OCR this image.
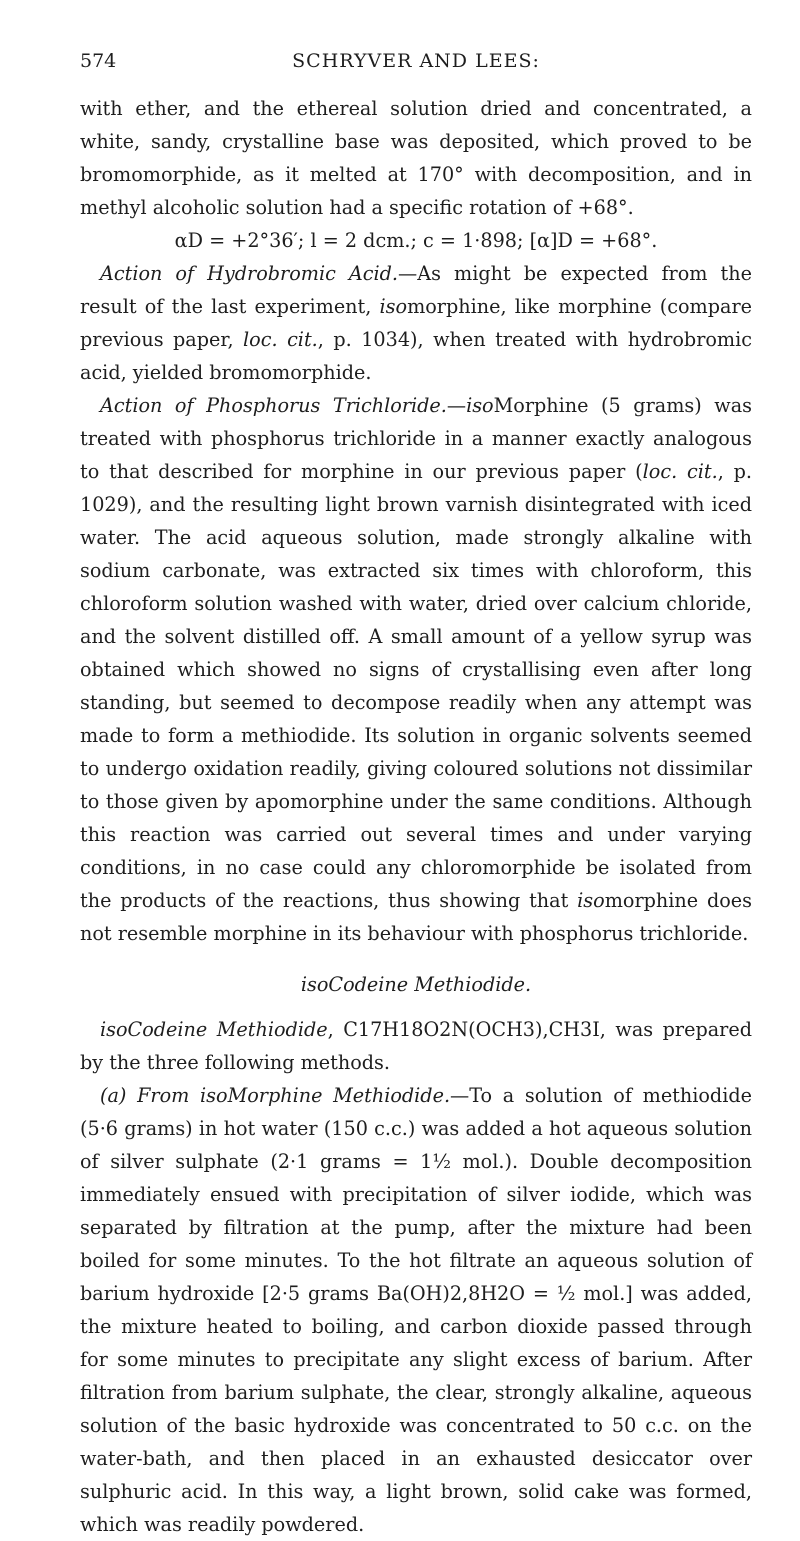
574	SCHRYVER AND LEES:

with ether, and the ethereal solution dried and concentrated, a white, sandy, crystalline base was deposited, which proved to be bromomorphide, as it melted at 170° with decomposition, and in methyl alcoholic solution had a specific rotation of +68°.

αD = +2°36′; l = 2 dcm.; c = 1·898; [α]D = +68°.

Action of Hydrobromic Acid.—As might be expected from the result of the last experiment, isomorphine, like morphine (compare previous paper, loc. cit., p. 1034), when treated with hydrobromic acid, yielded bromomorphide.

Action of Phosphorus Trichloride.—isoMorphine (5 grams) was treated with phosphorus trichloride in a manner exactly analogous to that described for morphine in our previous paper (loc. cit., p. 1029), and the resulting light brown varnish disintegrated with iced water. The acid aqueous solution, made strongly alkaline with sodium carbonate, was extracted six times with chloroform, this chloroform solution washed with water, dried over calcium chloride, and the solvent distilled off. A small amount of a yellow syrup was obtained which showed no signs of crystallising even after long standing, but seemed to decompose readily when any attempt was made to form a methiodide. Its solution in organic solvents seemed to undergo oxidation readily, giving coloured solutions not dissimilar to those given by apomorphine under the same conditions. Although this reaction was carried out several times and under varying conditions, in no case could any chloromorphide be isolated from the products of the reactions, thus showing that isomorphine does not resemble morphine in its behaviour with phosphorus trichloride.

isoCodeine Methiodide.

isoCodeine Methiodide, C17H18O2N(OCH3),CH3I, was prepared by the three following methods.

(a) From isoMorphine Methiodide.—To a solution of methiodide (5·6 grams) in hot water (150 c.c.) was added a hot aqueous solution of silver sulphate (2·1 grams = 1½ mol.). Double decomposition immediately ensued with precipitation of silver iodide, which was separated by filtration at the pump, after the mixture had been boiled for some minutes. To the hot filtrate an aqueous solution of barium hydroxide [2·5 grams Ba(OH)2,8H2O = ½ mol.] was added, the mixture heated to boiling, and carbon dioxide passed through for some minutes to precipitate any slight excess of barium. After filtration from barium sulphate, the clear, strongly alkaline, aqueous solution of the basic hydroxide was concentrated to 50 c.c. on the water-bath, and then placed in an exhausted desiccator over sulphuric acid. In this way, a light brown, solid cake was formed, which was readily powdered.
